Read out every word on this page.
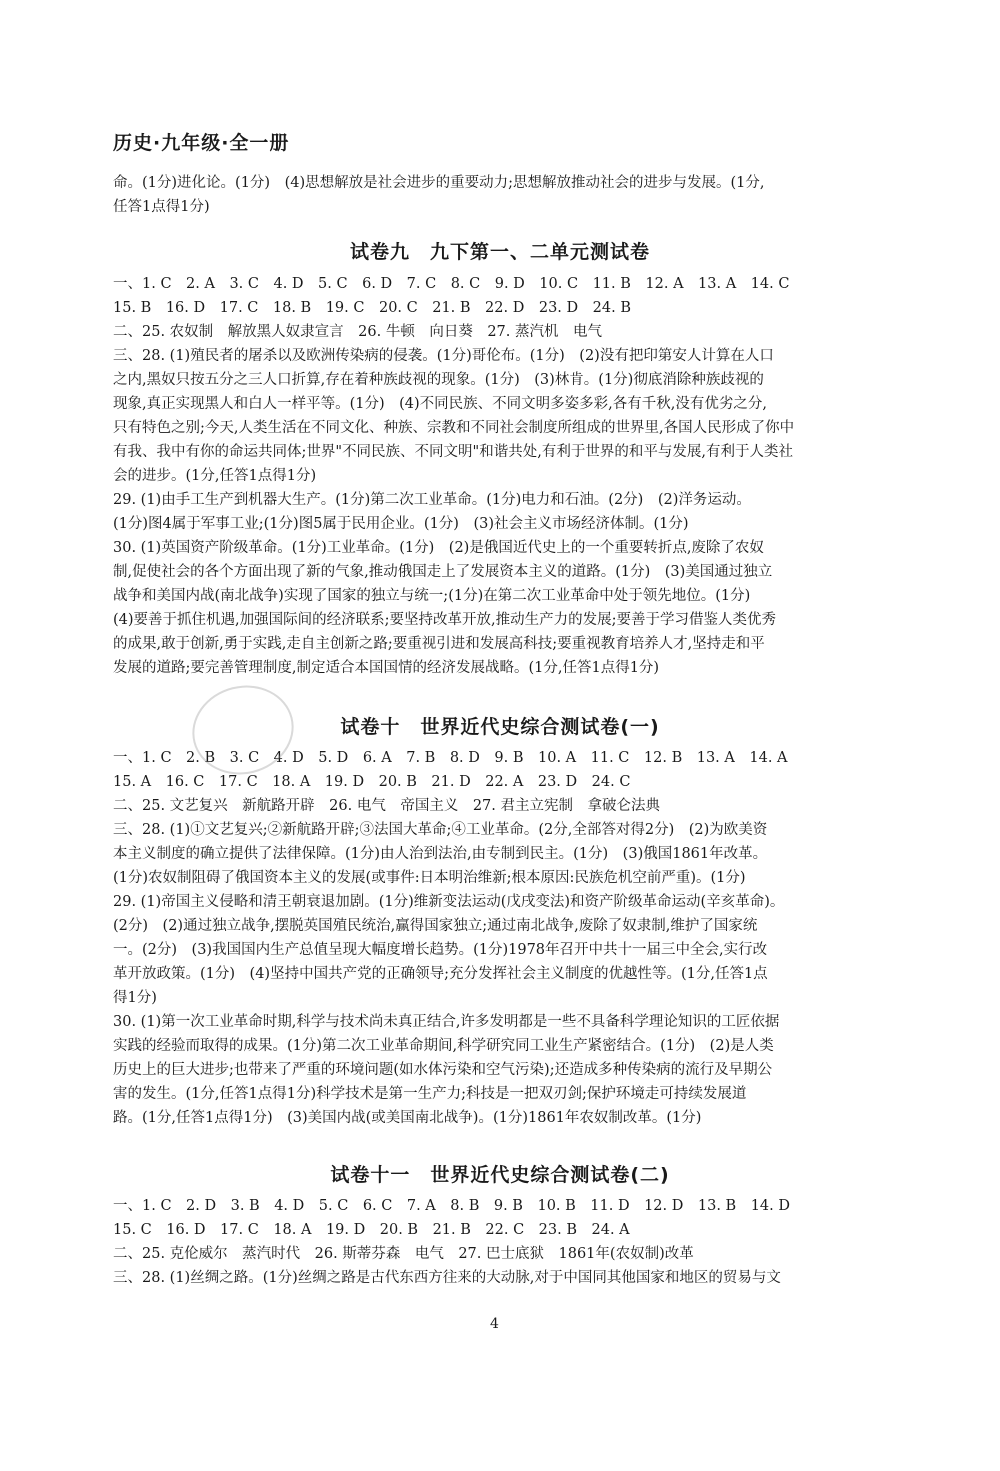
历史·九年级·全一册
命。(1分)进化论。(1分)　(4)思想解放是社会进步的重要动力;思想解放推动社会的进步与发展。(1分,
任答1点得1分)
试卷九　九下第一、二单元测试卷
一、1. C　2. A　3. C　4. D　5. C　6. D　7. C　8. C　9. D　10. C　11. B　12. A　13. A　14. C
15. B　16. D　17. C　18. B　19. C　20. C　21. B　22. D　23. D　24. B
二、25. 农奴制　解放黑人奴隶宣言　26. 牛顿　向日葵　27. 蒸汽机　电气
三、28. (1)殖民者的屠杀以及欧洲传染病的侵袭。(1分)哥伦布。(1分)　(2)没有把印第安人计算在人口
之内,黑奴只按五分之三人口折算,存在着种族歧视的现象。(1分)　(3)林肯。(1分)彻底消除种族歧视的
现象,真正实现黑人和白人一样平等。(1分)　(4)不同民族、不同文明多姿多彩,各有千秋,没有优劣之分,
只有特色之别;今天,人类生活在不同文化、种族、宗教和不同社会制度所组成的世界里,各国人民形成了你中
有我、我中有你的命运共同体;世界"不同民族、不同文明"和谐共处,有利于世界的和平与发展,有利于人类社
会的进步。(1分,任答1点得1分)
29. (1)由手工生产到机器大生产。(1分)第二次工业革命。(1分)电力和石油。(2分)　(2)洋务运动。
(1分)图4属于军事工业;(1分)图5属于民用企业。(1分)　(3)社会主义市场经济体制。(1分)
30. (1)英国资产阶级革命。(1分)工业革命。(1分)　(2)是俄国近代史上的一个重要转折点,废除了农奴
制,促使社会的各个方面出现了新的气象,推动俄国走上了发展资本主义的道路。(1分)　(3)美国通过独立
战争和美国内战(南北战争)实现了国家的独立与统一;(1分)在第二次工业革命中处于领先地位。(1分)
(4)要善于抓住机遇,加强国际间的经济联系;要坚持改革开放,推动生产力的发展;要善于学习借鉴人类优秀
的成果,敢于创新,勇于实践,走自主创新之路;要重视引进和发展高科技;要重视教育培养人才,坚持走和平
发展的道路;要完善管理制度,制定适合本国国情的经济发展战略。(1分,任答1点得1分)
试卷十　世界近代史综合测试卷(一)
一、1. C　2. B　3. C　4. D　5. D　6. A　7. B　8. D　9. B　10. A　11. C　12. B　13. A　14. A
15. A　16. C　17. C　18. A　19. D　20. B　21. D　22. A　23. D　24. C
二、25. 文艺复兴　新航路开辟　26. 电气　帝国主义　27. 君主立宪制　拿破仑法典
三、28. (1)①文艺复兴;②新航路开辟;③法国大革命;④工业革命。(2分,全部答对得2分)　(2)为欧美资
本主义制度的确立提供了法律保障。(1分)由人治到法治,由专制到民主。(1分)　(3)俄国1861年改革。
(1分)农奴制阻碍了俄国资本主义的发展(或事件:日本明治维新;根本原因:民族危机空前严重)。(1分)
29. (1)帝国主义侵略和清王朝衰退加剧。(1分)维新变法运动(戊戌变法)和资产阶级革命运动(辛亥革命)。
(2分)　(2)通过独立战争,摆脱英国殖民统治,赢得国家独立;通过南北战争,废除了奴隶制,维护了国家统
一。(2分)　(3)我国国内生产总值呈现大幅度增长趋势。(1分)1978年召开中共十一届三中全会,实行改
革开放政策。(1分)　(4)坚持中国共产党的正确领导;充分发挥社会主义制度的优越性等。(1分,任答1点
得1分)
30. (1)第一次工业革命时期,科学与技术尚未真正结合,许多发明都是一些不具备科学理论知识的工匠依据
实践的经验而取得的成果。(1分)第二次工业革命期间,科学研究同工业生产紧密结合。(1分)　(2)是人类
历史上的巨大进步;也带来了严重的环境问题(如水体污染和空气污染);还造成多种传染病的流行及早期公
害的发生。(1分,任答1点得1分)科学技术是第一生产力;科技是一把双刃剑;保护环境走可持续发展道
路。(1分,任答1点得1分)　(3)美国内战(或美国南北战争)。(1分)1861年农奴制改革。(1分)
试卷十一　世界近代史综合测试卷(二)
一、1. C　2. D　3. B　4. D　5. C　6. C　7. A　8. B　9. B　10. B　11. D　12. D　13. B　14. D
15. C　16. D　17. C　18. A　19. D　20. B　21. B　22. C　23. B　24. A
二、25. 克伦威尔　蒸汽时代　26. 斯蒂芬森　电气　27. 巴士底狱　1861年(农奴制)改革
三、28. (1)丝绸之路。(1分)丝绸之路是古代东西方往来的大动脉,对于中国同其他国家和地区的贸易与文
4
